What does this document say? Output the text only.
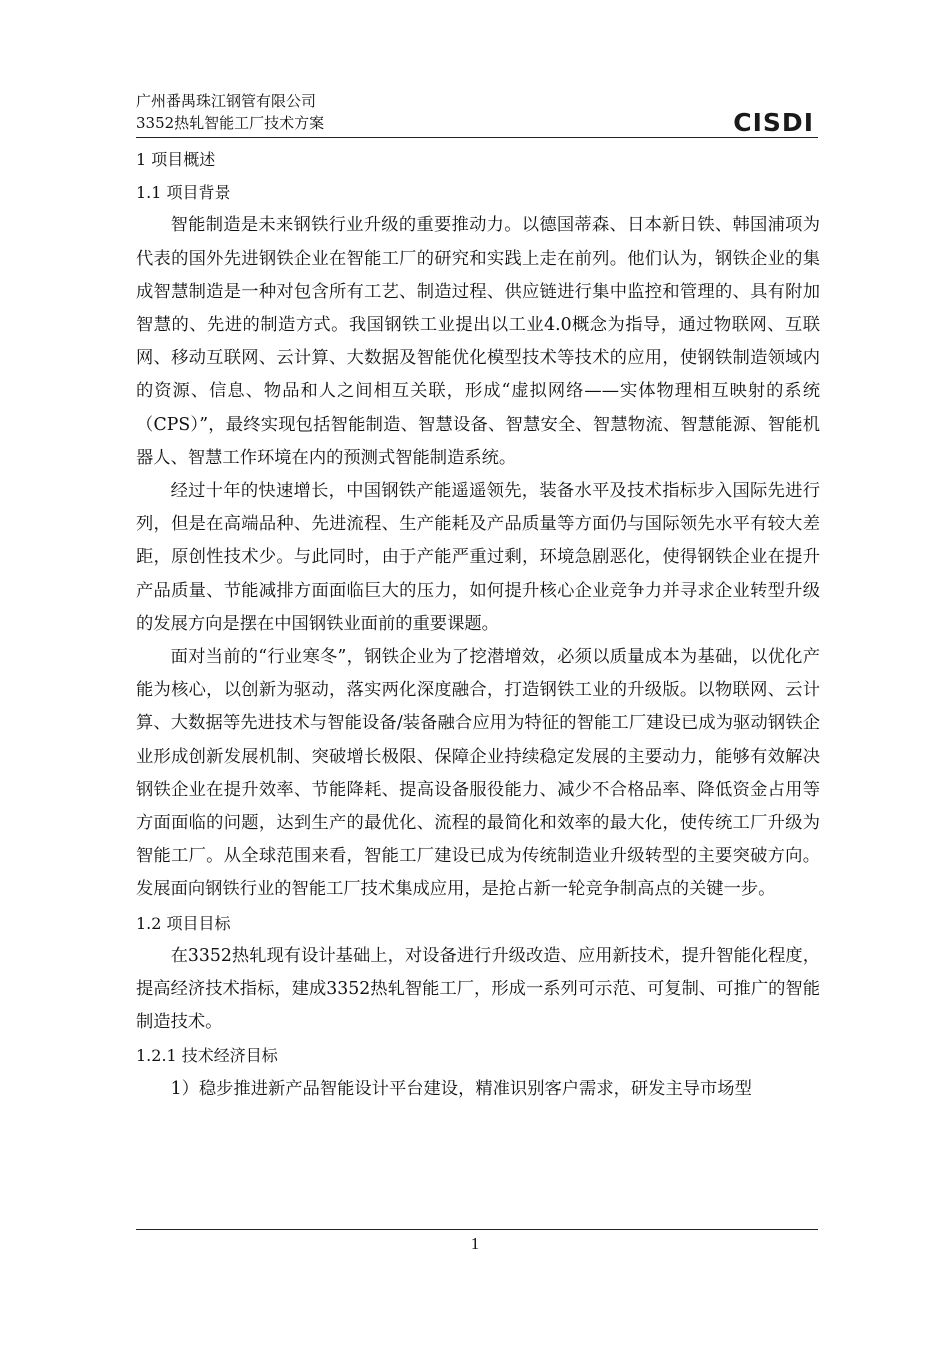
广州番禺珠江钢管有限公司
3352热轧智能工厂技术方案	CISDI
1 项目概述
1.1 项目背景

智能制造是未来钢铁行业升级的重要推动力。以德国蒂森、日本新日铁、韩国浦项为代表的国外先进钢铁企业在智能工厂的研究和实践上走在前列。他们认为，钢铁企业的集成智慧制造是一种对包含所有工艺、制造过程、供应链进行集中监控和管理的、具有附加智慧的、先进的制造方式。我国钢铁工业提出以工业4.0概念为指导，通过物联网、互联网、移动互联网、云计算、大数据及智能优化模型技术等技术的应用，使钢铁制造领域内的资源、信息、物品和人之间相互关联，形成“虚拟网络——实体物理相互映射的系统（CPS）”，最终实现包括智能制造、智慧设备、智慧安全、智慧物流、智慧能源、智能机器人、智慧工作环境在内的预测式智能制造系统。

经过十年的快速增长，中国钢铁产能遥遥领先，装备水平及技术指标步入国际先进行列，但是在高端品种、先进流程、生产能耗及产品质量等方面仍与国际领先水平有较大差距，原创性技术少。与此同时，由于产能严重过剩，环境急剧恶化，使得钢铁企业在提升产品质量、节能减排方面面临巨大的压力，如何提升核心企业竞争力并寻求企业转型升级的发展方向是摆在中国钢铁业面前的重要课题。

面对当前的“行业寒冬”，钢铁企业为了挖潜增效，必须以质量成本为基础，以优化产能为核心，以创新为驱动，落实两化深度融合，打造钢铁工业的升级版。以物联网、云计算、大数据等先进技术与智能设备/装备融合应用为特征的智能工厂建设已成为驱动钢铁企业形成创新发展机制、突破增长极限、保障企业持续稳定发展的主要动力，能够有效解决钢铁企业在提升效率、节能降耗、提高设备服役能力、减少不合格品率、降低资金占用等方面面临的问题，达到生产的最优化、流程的最简化和效率的最大化，使传统工厂升级为智能工厂。从全球范围来看，智能工厂建设已成为传统制造业升级转型的主要突破方向。发展面向钢铁行业的智能工厂技术集成应用，是抢占新一轮竞争制高点的关键一步。

1.2 项目目标

在3352热轧现有设计基础上，对设备进行升级改造、应用新技术，提升智能化程度，提高经济技术指标，建成3352热轧智能工厂，形成一系列可示范、可复制、可推广的智能制造技术。

1.2.1 技术经济目标

1）稳步推进新产品智能设计平台建设，精准识别客户需求，研发主导市场型

1
